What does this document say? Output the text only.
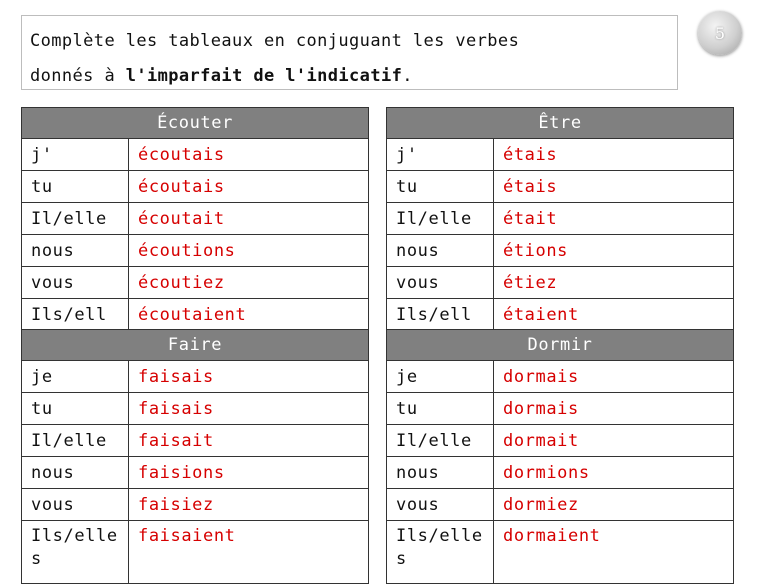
Complète les tableaux en conjuguant les verbes
donnés à l'imparfait de l'indicatif.
5
Écouter	
j'	écoutais
tu	écoutais
Il/elle	écoutait
nous	écoutions
vous	écoutiez
Ils/ell	écoutaient
Être	
j'	étais
tu	étais
Il/elle	était
nous	étions
vous	étiez
Ils/ell	étaient
Faire	
je	faisais
tu	faisais
Il/elle	faisait
nous	faisions
vous	faisiez
Ils/elles	faisaient
Dormir	
je	dormais
tu	dormais
Il/elle	dormait
nous	dormions
vous	dormiez
Ils/elles	dormaient
